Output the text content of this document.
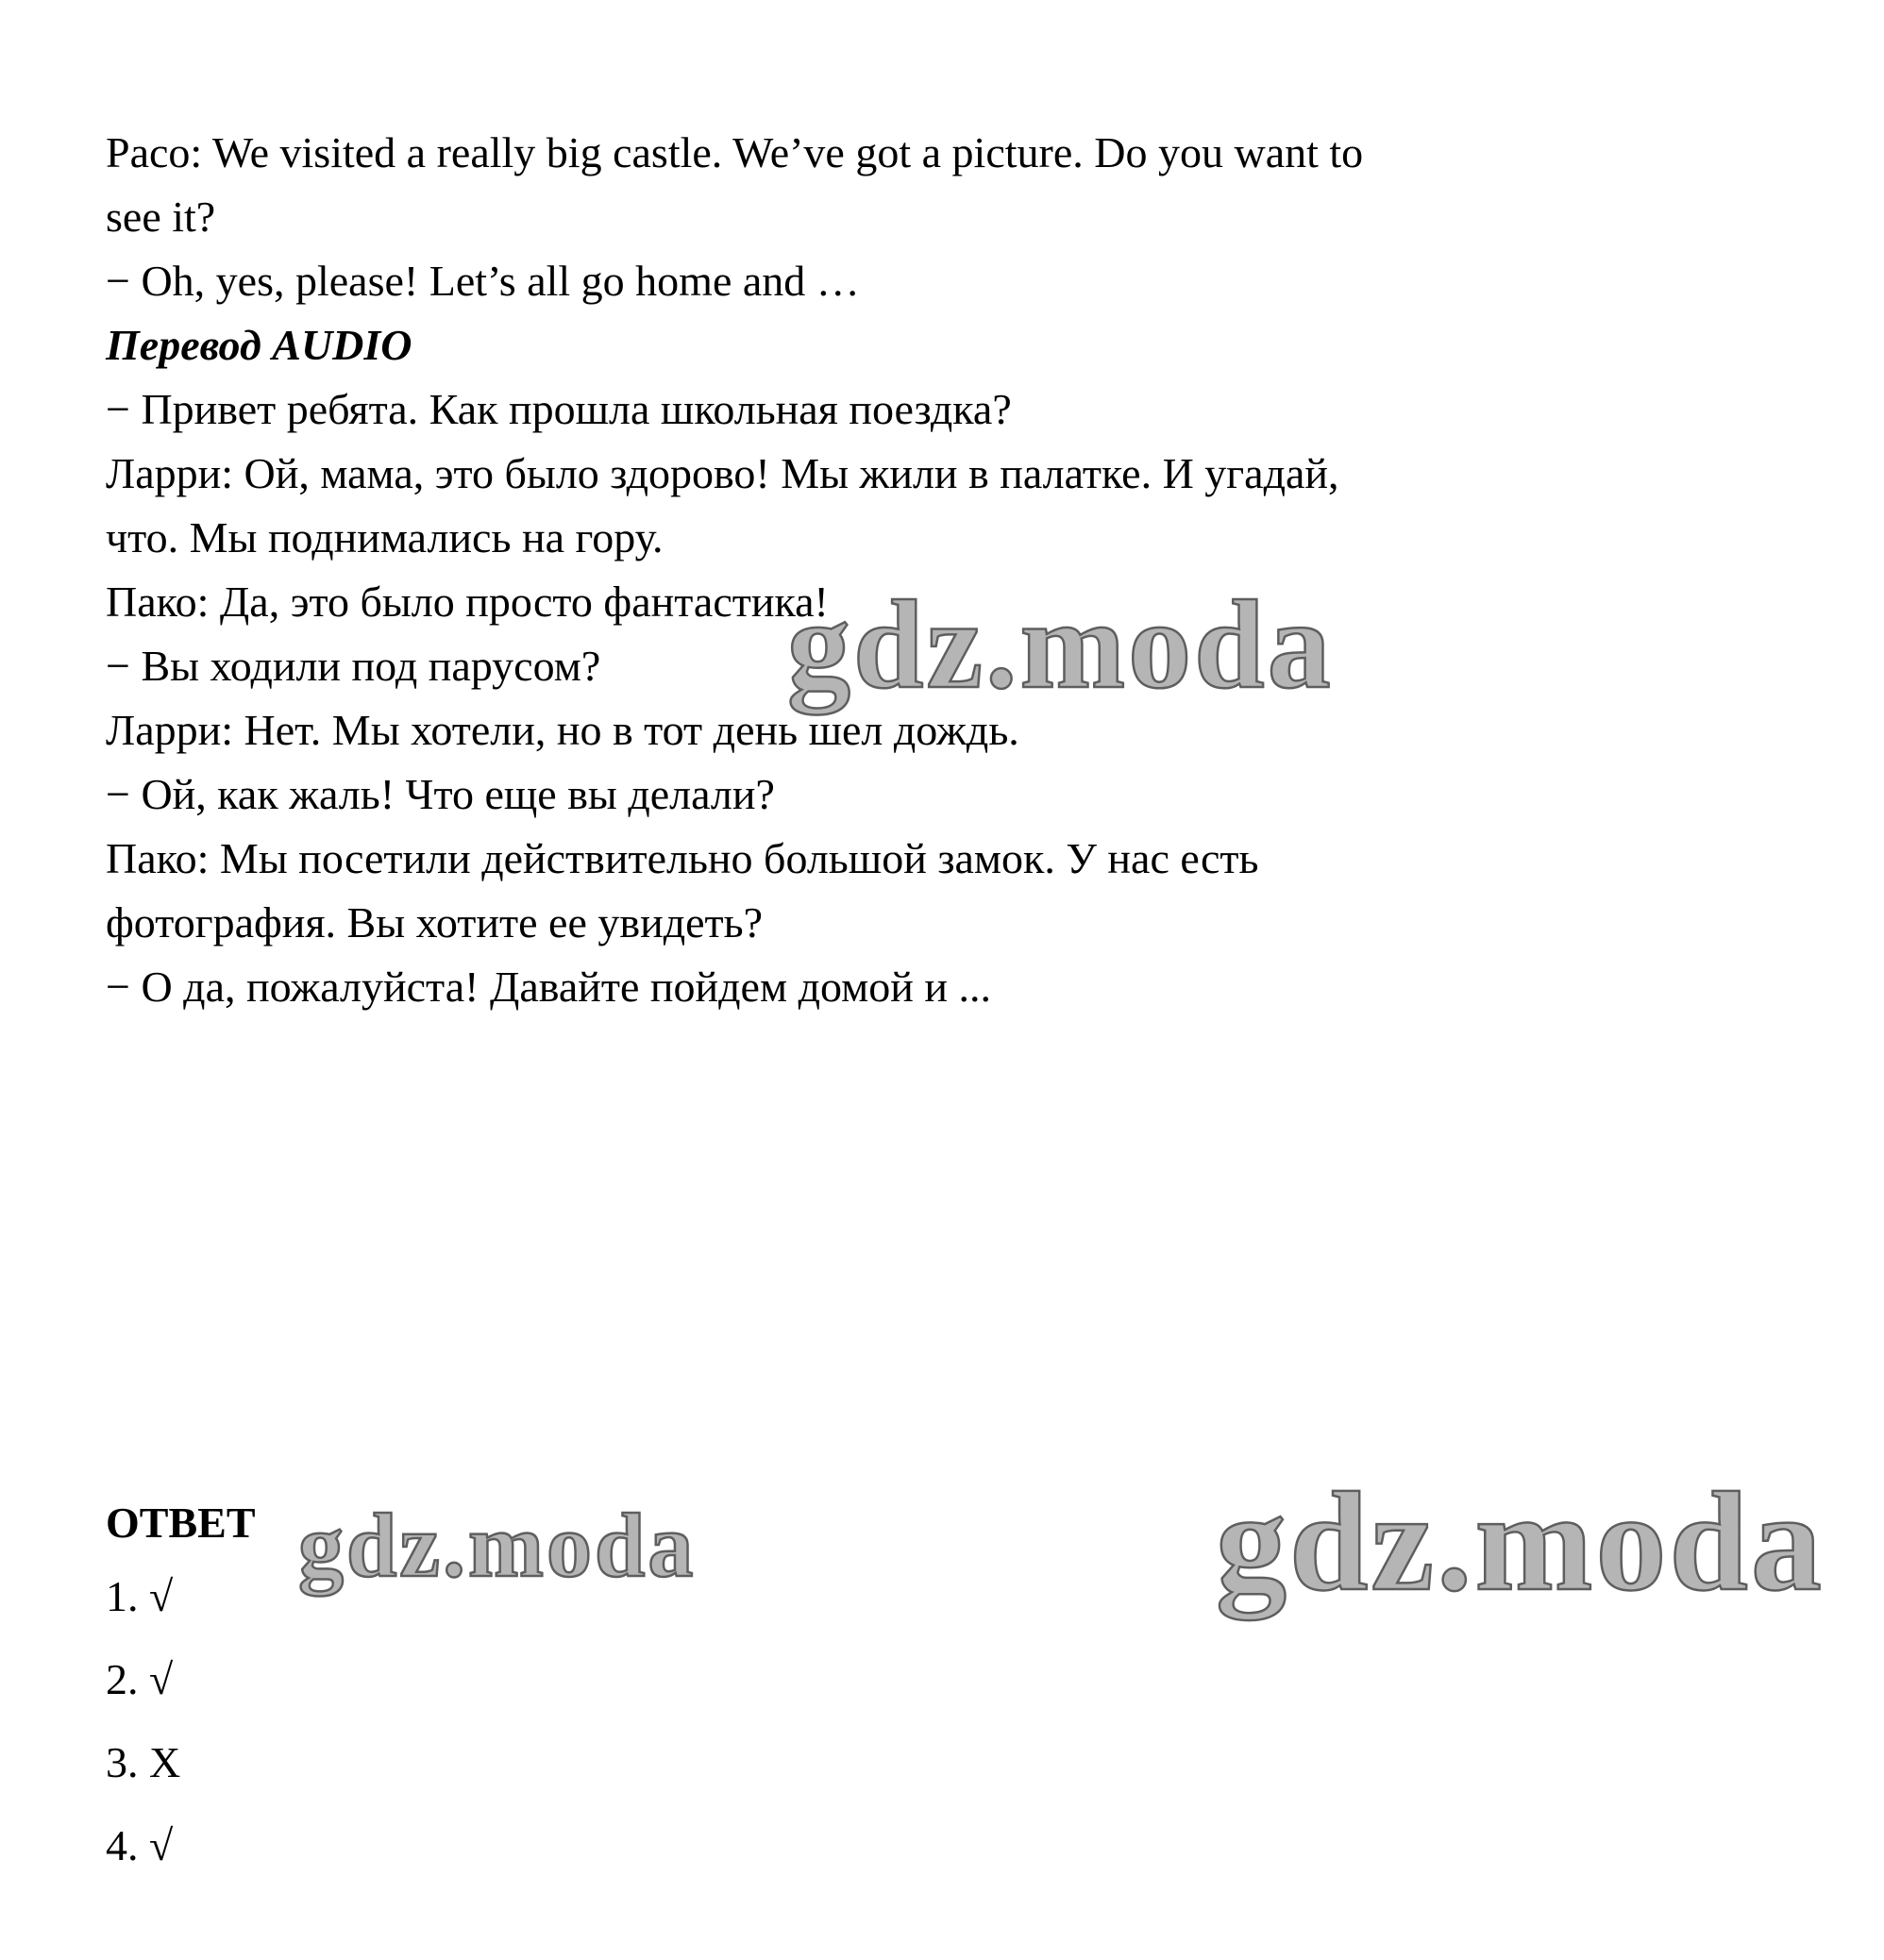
Paco: We visited a really big castle. We’ve got a picture. Do you want to
see it?
− Oh, yes, please! Let’s all go home and …
Перевод AUDIO
− Привет ребята. Как прошла школьная поездка?
Ларри: Ой, мама, это было здорово! Мы жили в палатке. И угадай,
что. Мы поднимались на гору.
Пако: Да, это было просто фантастика!
− Вы ходили под парусом?
Ларри: Нет. Мы хотели, но в тот день шел дождь.
− Ой, как жаль! Что еще вы делали?
Пако: Мы посетили действительно большой замок. У нас есть
фотография. Вы хотите ее увидеть?
− О да, пожалуйста! Давайте пойдем домой и ...
ОТВЕТ
1. √
2. √
3. X
4. √
gdz.moda
gdz.moda	gdz.moda
